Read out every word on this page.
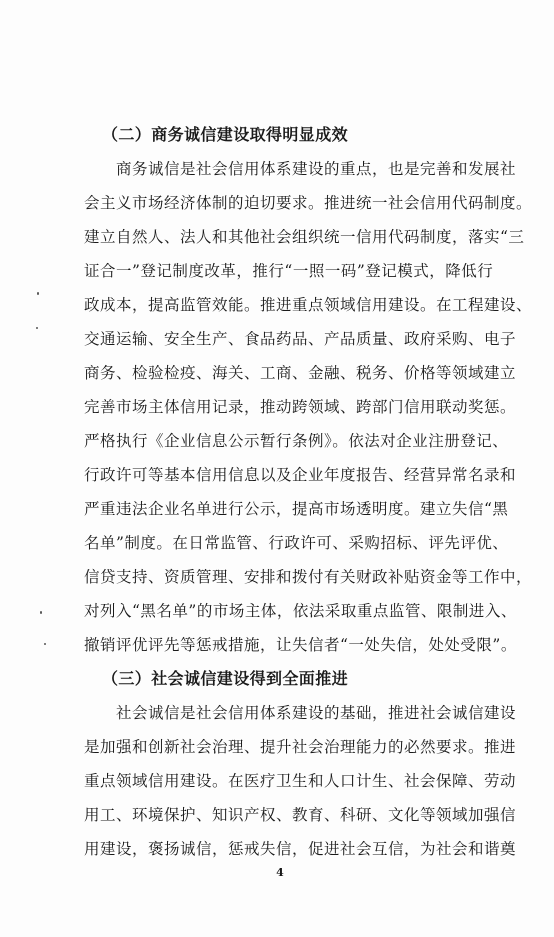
（二）商务诚信建设取得明显成效
商务诚信是社会信用体系建设的重点，也是完善和发展社
会主义市场经济体制的迫切要求。推进统一社会信用代码制度。
建立自然人、法人和其他社会组织统一信用代码制度，落实“三
证合一”登记制度改革，推行“一照一码”登记模式，降低行
政成本，提高监管效能。推进重点领域信用建设。在工程建设、
交通运输、安全生产、食品药品、产品质量、政府采购、电子
商务、检验检疫、海关、工商、金融、税务、价格等领域建立
完善市场主体信用记录，推动跨领域、跨部门信用联动奖惩。
严格执行《企业信息公示暂行条例》。依法对企业注册登记、
行政许可等基本信用信息以及企业年度报告、经营异常名录和
严重违法企业名单进行公示，提高市场透明度。建立失信“黑
名单”制度。在日常监管、行政许可、采购招标、评先评优、
信贷支持、资质管理、安排和拨付有关财政补贴资金等工作中，
对列入“黑名单”的市场主体，依法采取重点监管、限制进入、
撤销评优评先等惩戒措施，让失信者“一处失信，处处受限”。
（三）社会诚信建设得到全面推进
社会诚信是社会信用体系建设的基础，推进社会诚信建设
是加强和创新社会治理、提升社会治理能力的必然要求。推进
重点领域信用建设。在医疗卫生和人口计生、社会保障、劳动
用工、环境保护、知识产权、教育、科研、文化等领域加强信
用建设，褒扬诚信，惩戒失信，促进社会互信，为社会和谐奠
4
